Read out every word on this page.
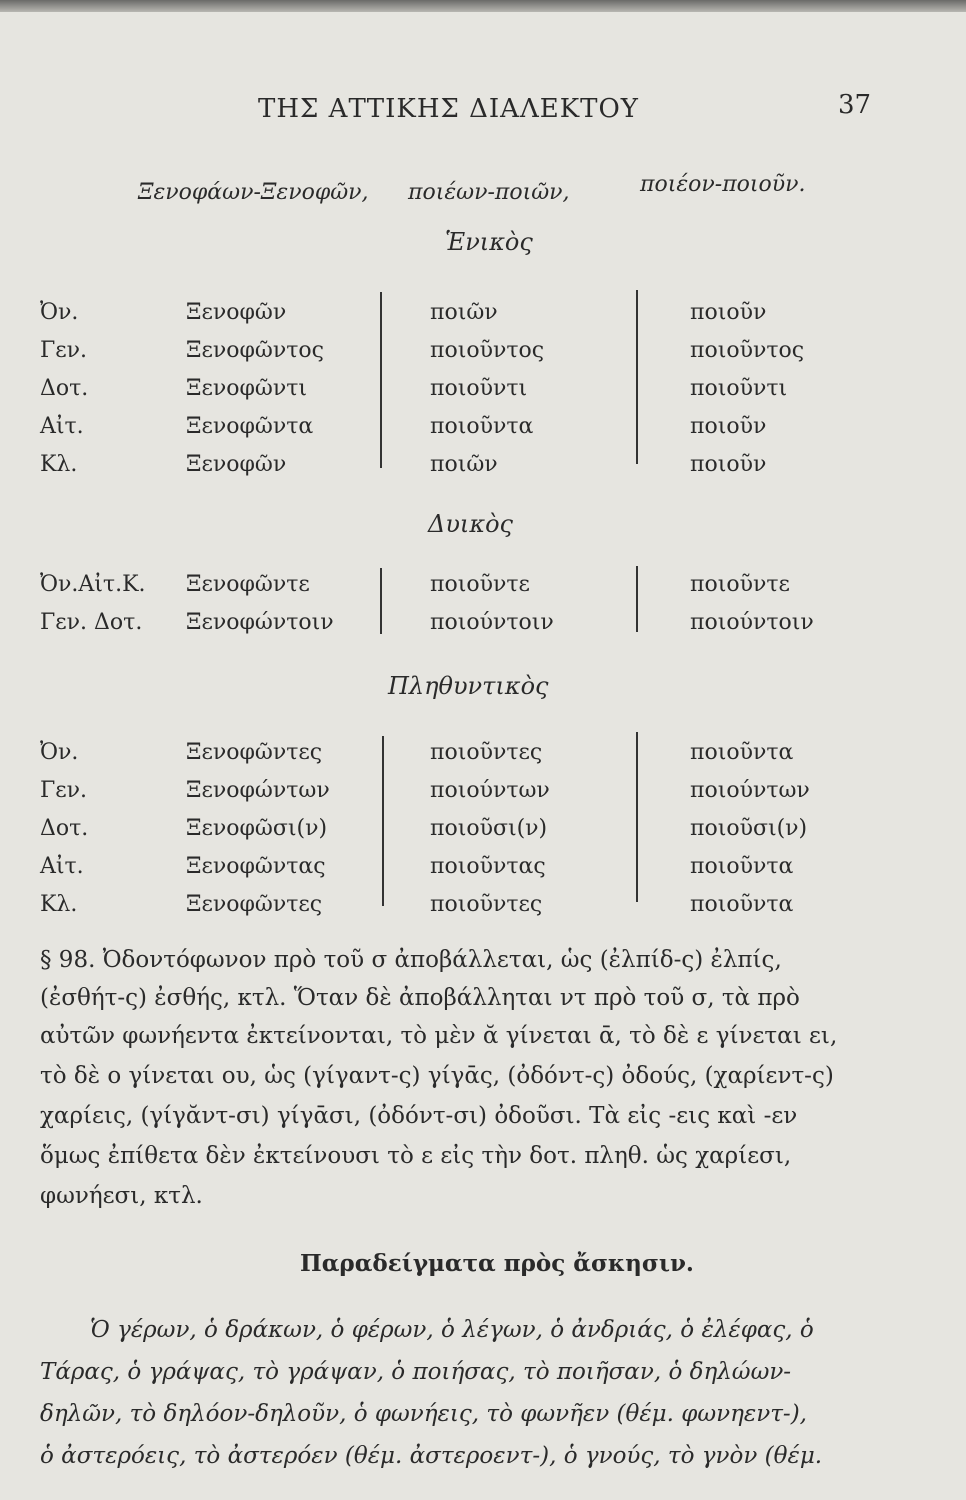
ΤΗΣ ΑΤΤΙΚΗΣ ΔΙΑΛΕΚΤΟΥ	37
Ξενοφάων-Ξενοφῶν, ποιέων-ποιῶν,	ποιέον-ποιοῦν.
Ἑνικὸς
Ὀν.	Ξενοφῶν	ποιῶν	ποιοῦν
Γεν.	Ξενοφῶντος	ποιοῦντος	ποιοῦντος
Δοτ.	Ξενοφῶντι	ποιοῦντι	ποιοῦντι
Αἰτ.	Ξενοφῶντα	ποιοῦντα	ποιοῦν
Κλ.	Ξενοφῶν	ποιῶν	ποιοῦν
Δυικὸς
Ὀν.Αἰτ.Κ. Ξενοφῶντε	ποιοῦντε	ποιοῦντε
Γεν. Δοτ. Ξενοφώντοιν	ποιούντοιν	ποιούντοιν
Πληθυντικὸς
Ὀν.	Ξενοφῶντες	ποιοῦντες	ποιοῦντα
Γεν.	Ξενοφώντων	ποιούντων	ποιούντων
Δοτ.	Ξενοφῶσι(ν)	ποιοῦσι(ν)	ποιοῦσι(ν)
Αἰτ.	Ξενοφῶντας	ποιοῦντας	ποιοῦντα
Κλ.	Ξενοφῶντες	ποιοῦντες	ποιοῦντα
§ 98. Ὀδοντόφωνον πρὸ τοῦ σ ἀποβάλλεται, ὡς (ἐλπίδ-ς) ἐλπίς,
(ἐσθήτ-ς) ἐσθής, κτλ. Ὅταν δὲ ἀποβάλληται ντ πρὸ τοῦ σ, τὰ πρὸ
αὐτῶν φωνήεντα ἐκτείνονται, τὸ μὲν ᾰ γίνεται ᾱ, τὸ δὲ ε γίνεται ει,
τὸ δὲ ο γίνεται ου, ὡς (γίγαντ-ς) γίγᾱς, (ὀδόντ-ς) ὀδούς, (χαρίεντ-ς)
χαρίεις, (γίγᾰντ-σι) γίγᾱσι, (ὀδόντ-σι) ὀδοῦσι. Τὰ εἰς -εις καὶ -εν
ὅμως ἐπίθετα δὲν ἐκτείνουσι τὸ ε εἰς τὴν δοτ. πληθ. ὡς χαρίεσι,
φωνήεσι, κτλ.
Παραδείγματα πρὸς ἄσκησιν.
Ὁ γέρων, ὁ δράκων, ὁ φέρων, ὁ λέγων, ὁ ἀνδριάς, ὁ ἐλέφας, ὁ
Τάρας, ὁ γράψας, τὸ γράψαν, ὁ ποιήσας, τὸ ποιῆσαν, ὁ δηλώων-
δηλῶν, τὸ δηλόον-δηλοῦν, ὁ φωνήεις, τὸ φωνῆεν (θέμ. φωνηεντ-),
ὁ ἀστερόεις, τὸ ἀστερόεν (θέμ. ἀστεροεντ-), ὁ γνούς, τὸ γνὸν (θέμ.
